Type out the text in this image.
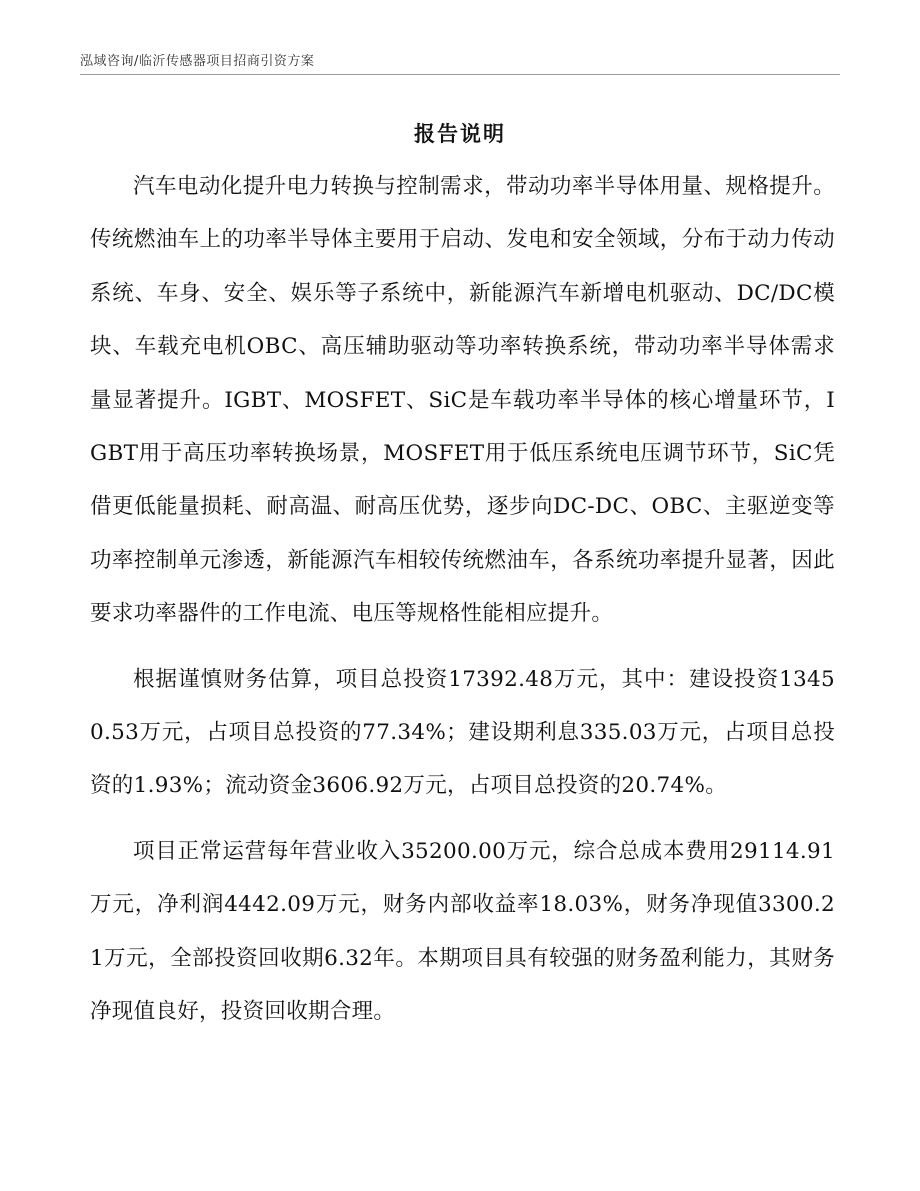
泓域咨询/临沂传感器项目招商引资方案
报告说明

汽车电动化提升电力转换与控制需求，带动功率半导体用量、规格提升。传统燃油车上的功率半导体主要用于启动、发电和安全领域，分布于动力传动系统、车身、安全、娱乐等子系统中，新能源汽车新增电机驱动、DC/DC模块、车载充电机OBC、高压辅助驱动等功率转换系统，带动功率半导体需求量显著提升。IGBT、MOSFET、SiC是车载功率半导体的核心增量环节，IGBT用于高压功率转换场景，MOSFET用于低压系统电压调节环节，SiC凭借更低能量损耗、耐高温、耐高压优势，逐步向DC-DC、OBC、主驱逆变等功率控制单元渗透，新能源汽车相较传统燃油车，各系统功率提升显著，因此要求功率器件的工作电流、电压等规格性能相应提升。

根据谨慎财务估算，项目总投资17392.48万元，其中：建设投资13450.53万元，占项目总投资的77.34%；建设期利息335.03万元，占项目总投资的1.93%；流动资金3606.92万元，占项目总投资的20.74%。

项目正常运营每年营业收入35200.00万元，综合总成本费用29114.91万元，净利润4442.09万元，财务内部收益率18.03%，财务净现值3300.21万元，全部投资回收期6.32年。本期项目具有较强的财务盈利能力，其财务净现值良好，投资回收期合理。
